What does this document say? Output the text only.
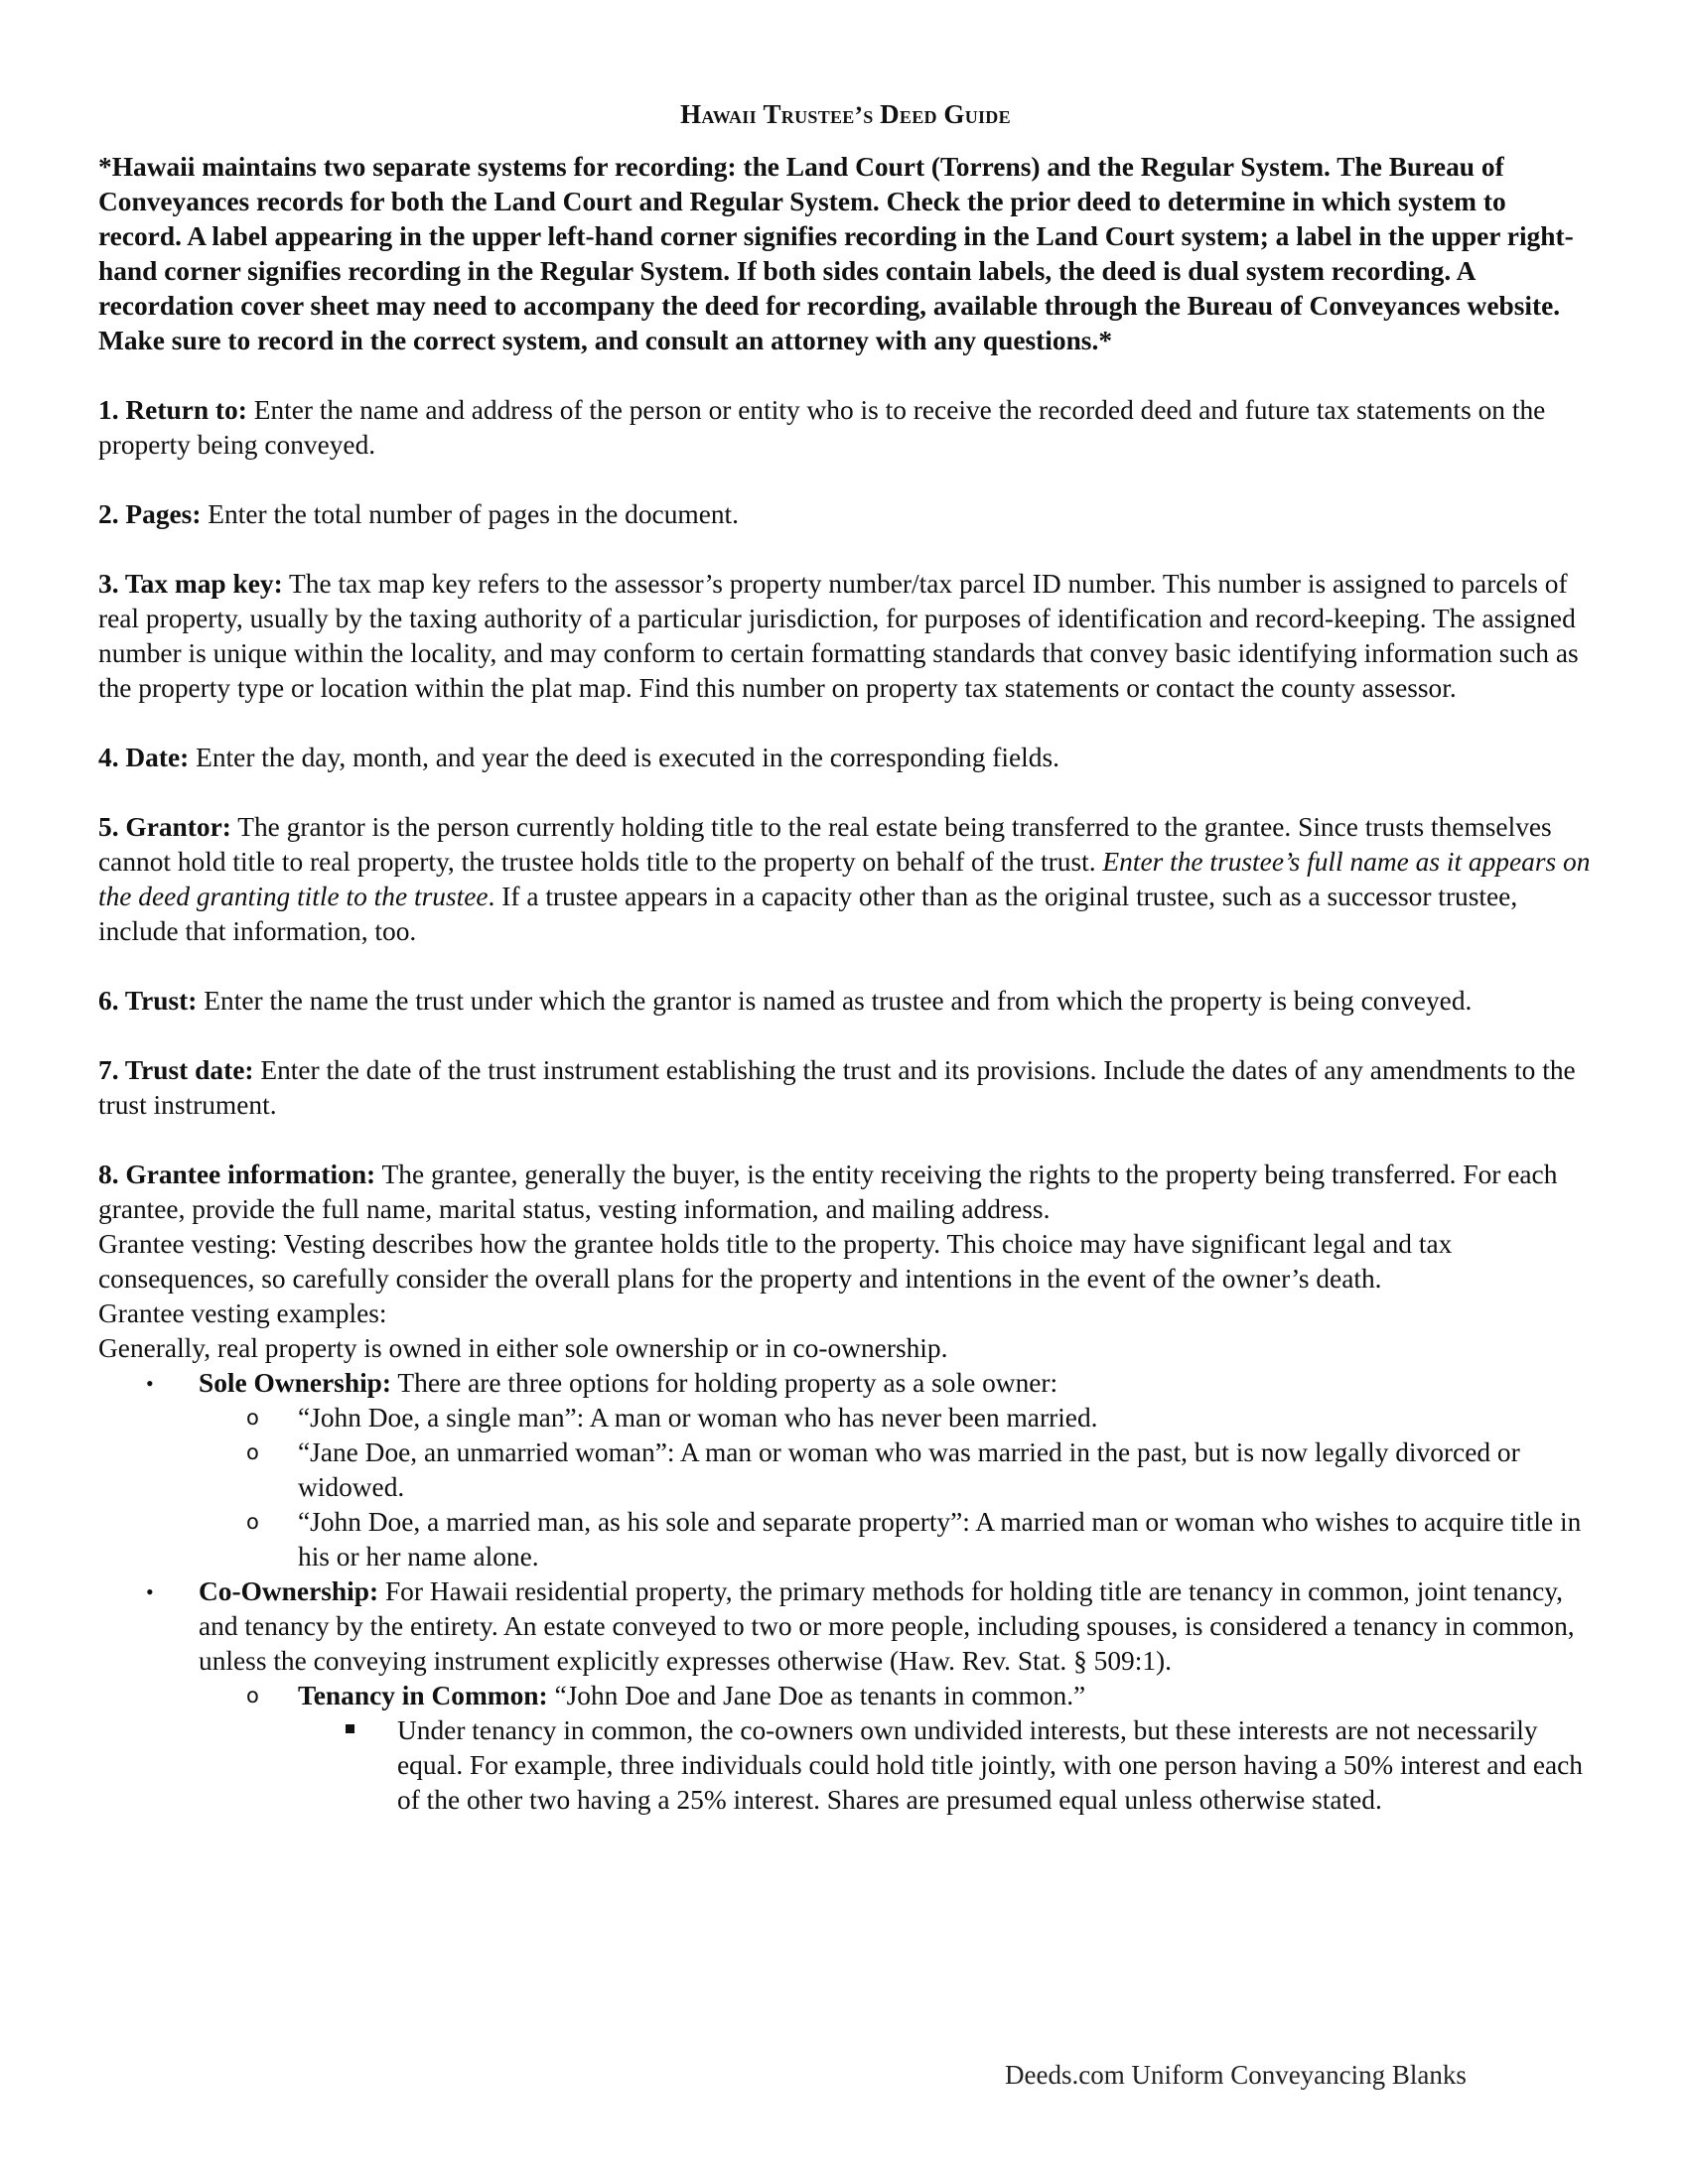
Hawaii Trustee’s Deed Guide
*Hawaii maintains two separate systems for recording: the Land Court (Torrens) and the Regular System. The Bureau of Conveyances records for both the Land Court and Regular System. Check the prior deed to determine in which system to record. A label appearing in the upper left-hand corner signifies recording in the Land Court system; a label in the upper right-hand corner signifies recording in the Regular System. If both sides contain labels, the deed is dual system recording. A recordation cover sheet may need to accompany the deed for recording, available through the Bureau of Conveyances website. Make sure to record in the correct system, and consult an attorney with any questions.*
1. Return to: Enter the name and address of the person or entity who is to receive the recorded deed and future tax statements on the property being conveyed.
2. Pages: Enter the total number of pages in the document.
3. Tax map key: The tax map key refers to the assessor’s property number/tax parcel ID number. This number is assigned to parcels of real property, usually by the taxing authority of a particular jurisdiction, for purposes of identification and record-keeping. The assigned number is unique within the locality, and may conform to certain formatting standards that convey basic identifying information such as the property type or location within the plat map. Find this number on property tax statements or contact the county assessor.
4. Date: Enter the day, month, and year the deed is executed in the corresponding fields.
5. Grantor: The grantor is the person currently holding title to the real estate being transferred to the grantee. Since trusts themselves cannot hold title to real property, the trustee holds title to the property on behalf of the trust. Enter the trustee’s full name as it appears on the deed granting title to the trustee. If a trustee appears in a capacity other than as the original trustee, such as a successor trustee, include that information, too.
6. Trust: Enter the name the trust under which the grantor is named as trustee and from which the property is being conveyed.
7. Trust date: Enter the date of the trust instrument establishing the trust and its provisions. Include the dates of any amendments to the trust instrument.
8. Grantee information: The grantee, generally the buyer, is the entity receiving the rights to the property being transferred. For each grantee, provide the full name, marital status, vesting information, and mailing address.
Grantee vesting: Vesting describes how the grantee holds title to the property. This choice may have significant legal and tax consequences, so carefully consider the overall plans for the property and intentions in the event of the owner’s death.
Grantee vesting examples:
Generally, real property is owned in either sole ownership or in co-ownership.
• Sole Ownership: There are three options for holding property as a sole owner:
o “John Doe, a single man”: A man or woman who has never been married.
o “Jane Doe, an unmarried woman”: A man or woman who was married in the past, but is now legally divorced or widowed.
o “John Doe, a married man, as his sole and separate property”: A married man or woman who wishes to acquire title in his or her name alone.
• Co-Ownership: For Hawaii residential property, the primary methods for holding title are tenancy in common, joint tenancy, and tenancy by the entirety. An estate conveyed to two or more people, including spouses, is considered a tenancy in common, unless the conveying instrument explicitly expresses otherwise (Haw. Rev. Stat. § 509:1).
o Tenancy in Common: “John Doe and Jane Doe as tenants in common.”
Under tenancy in common, the co-owners own undivided interests, but these interests are not necessarily equal. For example, three individuals could hold title jointly, with one person having a 50% interest and each of the other two having a 25% interest. Shares are presumed equal unless otherwise stated.
Deeds.com Uniform Conveyancing Blanks
